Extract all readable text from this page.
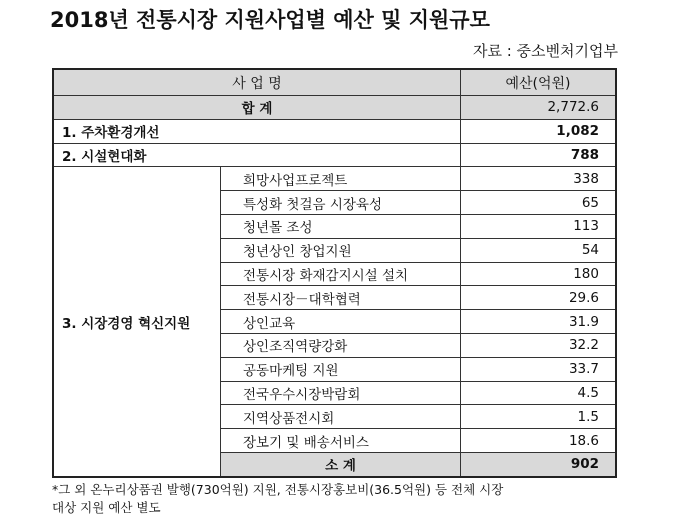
2018년 전통시장 지원사업별 예산 및 지원규모
자료 : 중소벤처기업부
사 업 명		예산(억원)
합 계		2,772.6
1. 주차환경개선		1,082
2. 시설현대화		788
3. 시장경영 혁신지원	희망사업프로젝트	338
	특성화 첫걸음 시장육성	65
	청년몰 조성	113
	청년상인 창업지원	54
	전통시장 화재감지시설 설치	180
	전통시장－대학협력	29.6
	상인교육	31.9
	상인조직역량강화	32.2
	공동마케팅 지원	33.7
	전국우수시장박람회	4.5
	지역상품전시회	1.5
	장보기 및 배송서비스	18.6
	소 계	902
*그 외 온누리상품권 발행(730억원) 지원, 전통시장홍보비(36.5억원) 등 전체 시장
대상 지원 예산 별도
